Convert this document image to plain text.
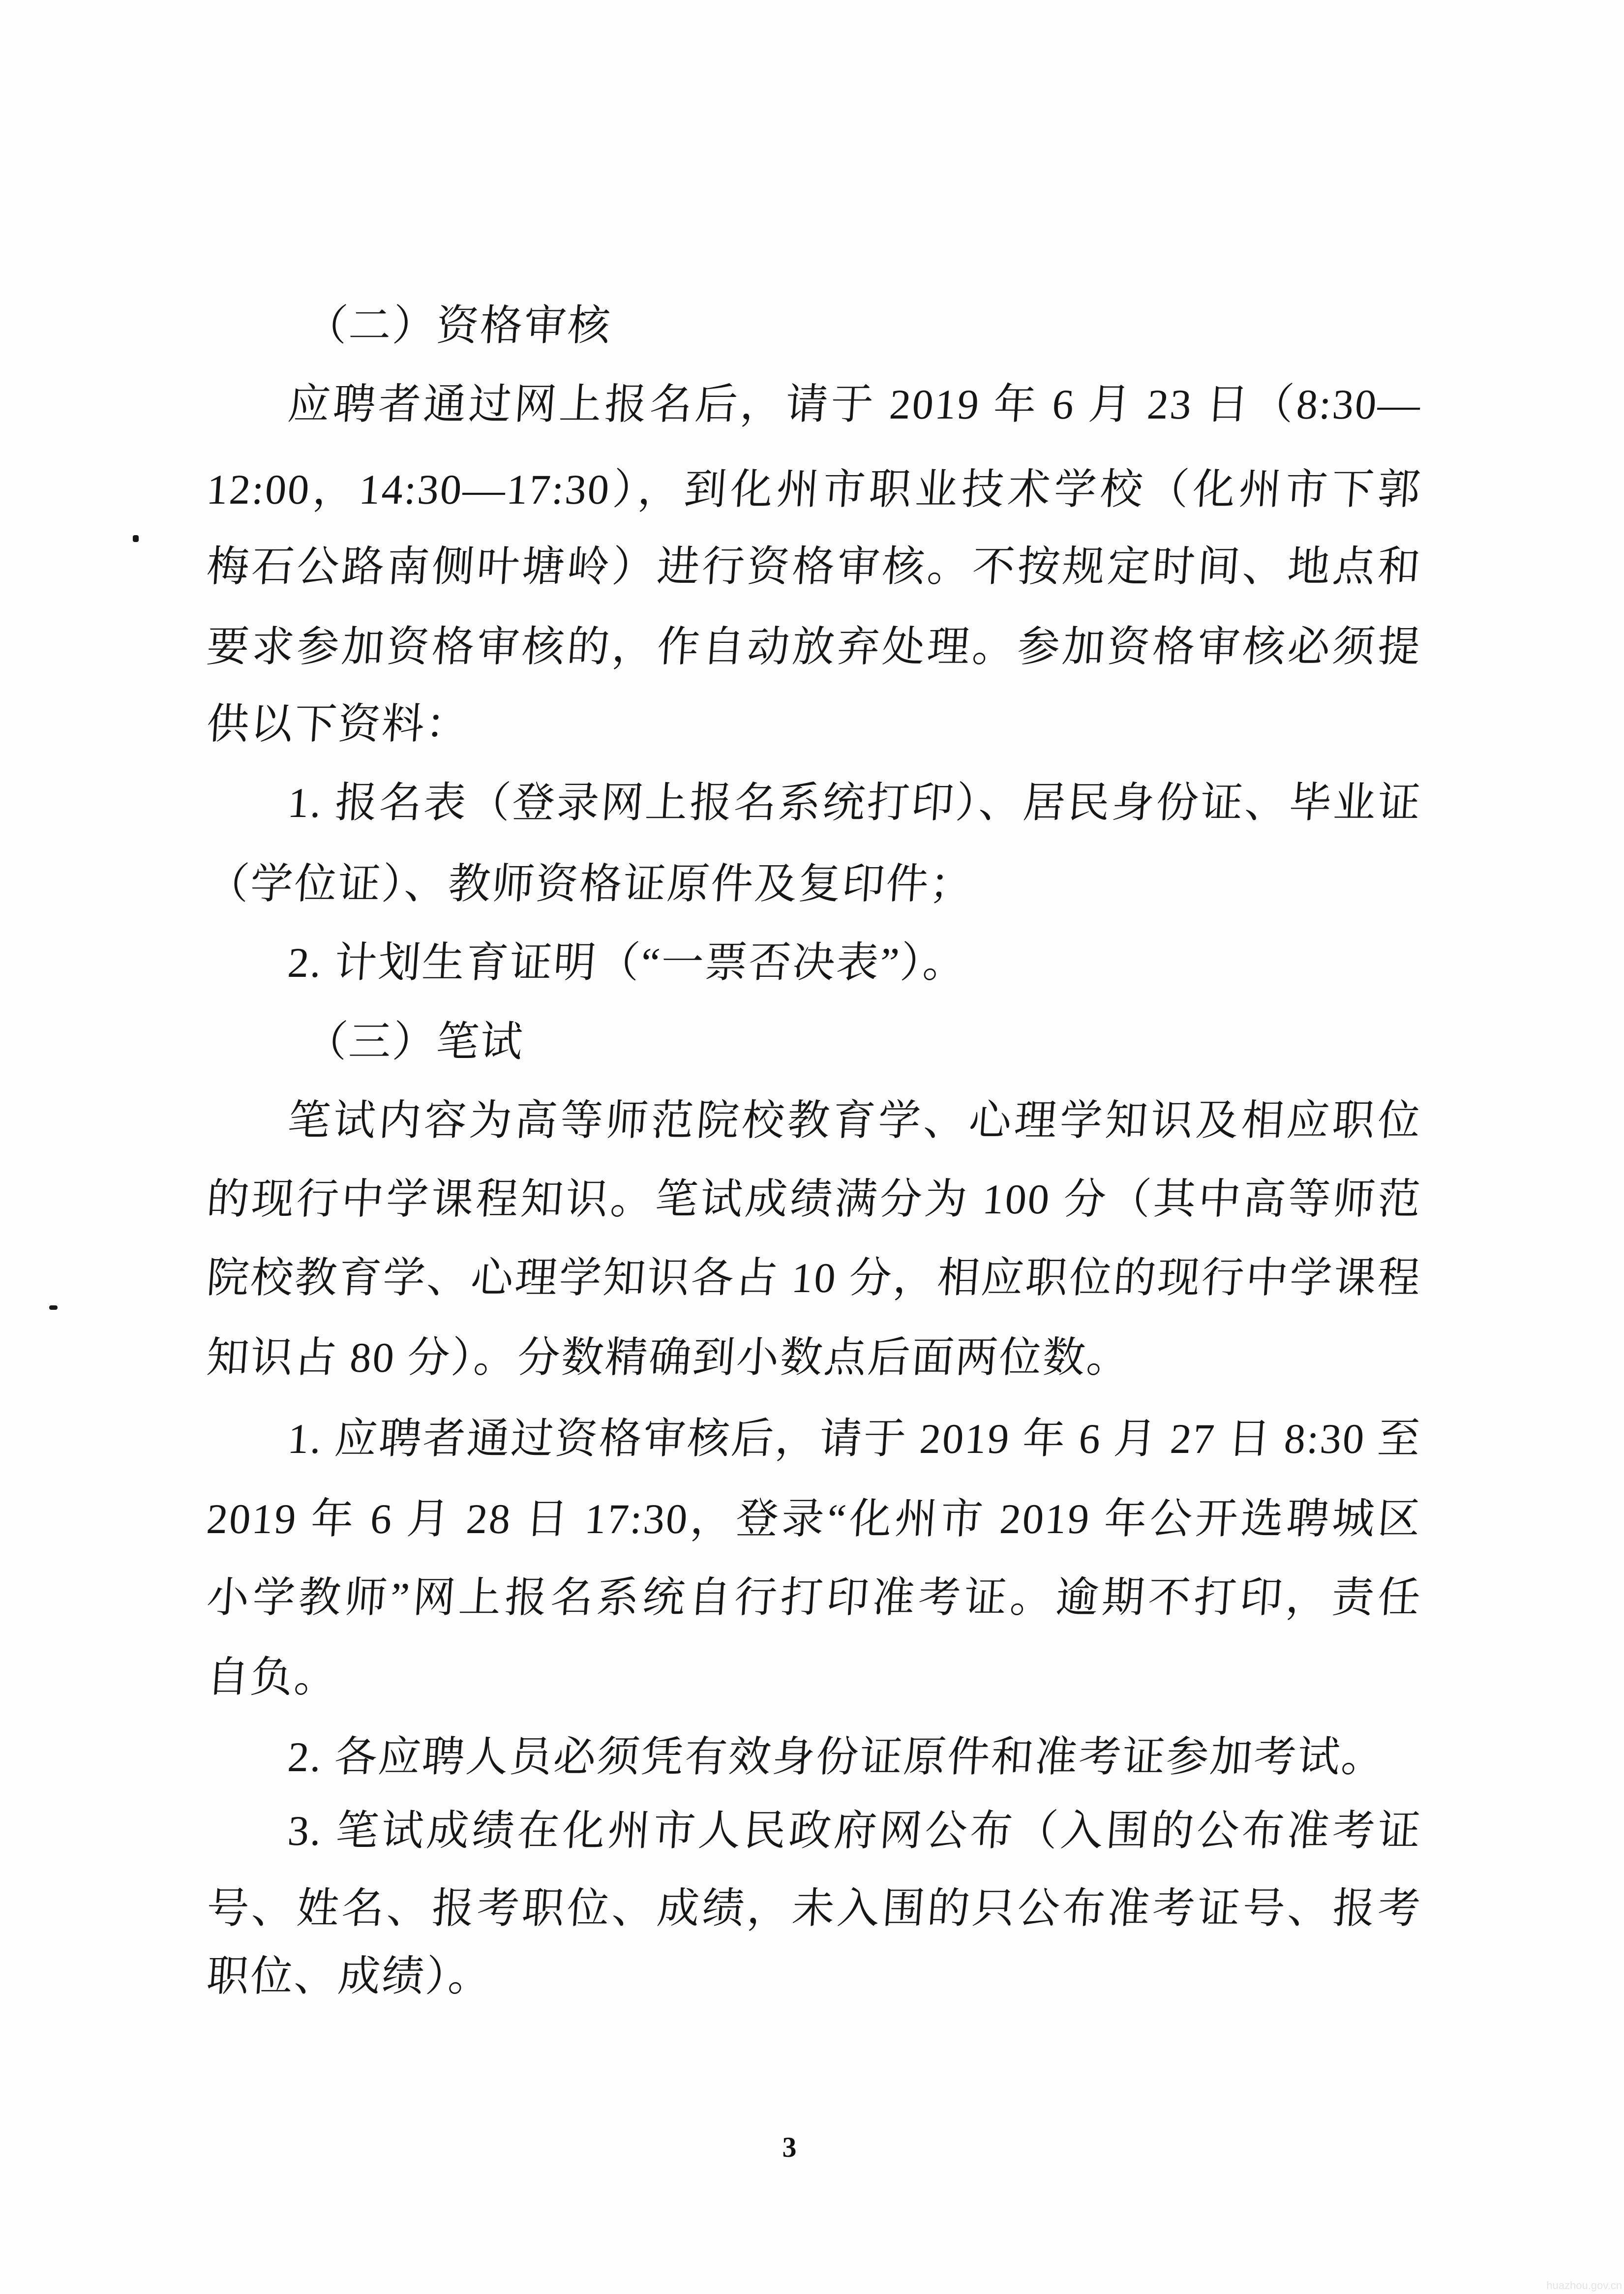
（二）资格审核
应聘者通过网上报名后，请于 2019 年 6 月 23 日（8:30—
12:00，14:30—17:30），到化州市职业技术学校（化州市下郭
梅石公路南侧叶塘岭）进行资格审核。不按规定时间、地点和
要求参加资格审核的，作自动放弃处理。参加资格审核必须提
供以下资料：
1. 报名表（登录网上报名系统打印）、居民身份证、毕业证
（学位证）、教师资格证原件及复印件；
2. 计划生育证明（“一票否决表”）。
（三）笔试
笔试内容为高等师范院校教育学、心理学知识及相应职位
的现行中学课程知识。笔试成绩满分为 100 分（其中高等师范
院校教育学、心理学知识各占 10 分，相应职位的现行中学课程
知识占 80 分）。分数精确到小数点后面两位数。
1. 应聘者通过资格审核后，请于 2019 年 6 月 27 日 8:30 至
2019 年 6 月 28 日 17:30，登录“化州市 2019 年公开选聘城区
小学教师”网上报名系统自行打印准考证。逾期不打印，责任
自负。
2. 各应聘人员必须凭有效身份证原件和准考证参加考试。
3. 笔试成绩在化州市人民政府网公布（入围的公布准考证
号、姓名、报考职位、成绩，未入围的只公布准考证号、报考
职位、成绩）。
3
huazhou.gov.cn
